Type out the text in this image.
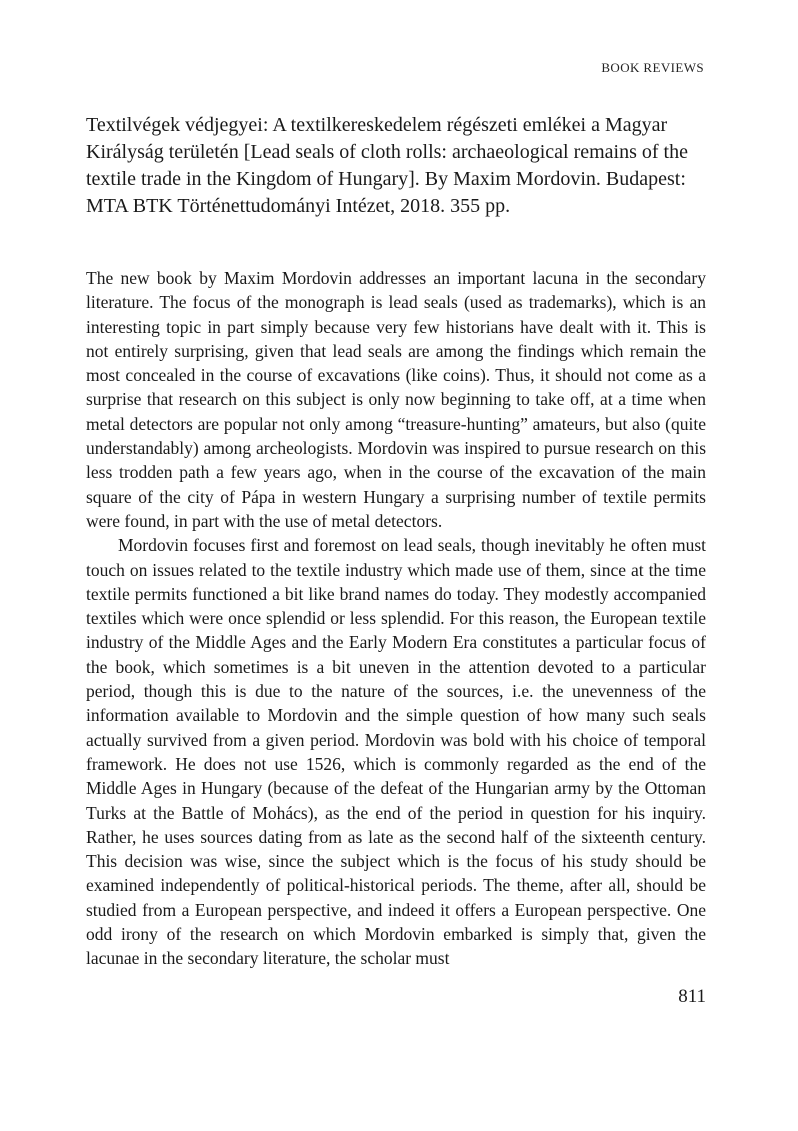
BOOK REVIEWS
Textilvégek védjegyei: A textilkereskedelem régészeti emlékei a Magyar Királyság területén [Lead seals of cloth rolls: archaeological remains of the textile trade in the Kingdom of Hungary]. By Maxim Mordovin. Budapest: MTA BTK Történettudományi Intézet, 2018. 355 pp.

The new book by Maxim Mordovin addresses an important lacuna in the secondary literature. The focus of the monograph is lead seals (used as trademarks), which is an interesting topic in part simply because very few historians have dealt with it. This is not entirely surprising, given that lead seals are among the findings which remain the most concealed in the course of excavations (like coins). Thus, it should not come as a surprise that research on this subject is only now beginning to take off, at a time when metal detectors are popular not only among “treasure-hunting” amateurs, but also (quite understandably) among archeologists. Mordovin was inspired to pursue research on this less trodden path a few years ago, when in the course of the excavation of the main square of the city of Pápa in western Hungary a surprising number of textile permits were found, in part with the use of metal detectors.

Mordovin focuses first and foremost on lead seals, though inevitably he often must touch on issues related to the textile industry which made use of them, since at the time textile permits functioned a bit like brand names do today. They modestly accompanied textiles which were once splendid or less splendid. For this reason, the European textile industry of the Middle Ages and the Early Modern Era constitutes a particular focus of the book, which sometimes is a bit uneven in the attention devoted to a particular period, though this is due to the nature of the sources, i.e. the unevenness of the information available to Mordovin and the simple question of how many such seals actually survived from a given period. Mordovin was bold with his choice of temporal framework. He does not use 1526, which is commonly regarded as the end of the Middle Ages in Hungary (because of the defeat of the Hungarian army by the Ottoman Turks at the Battle of Mohács), as the end of the period in question for his inquiry. Rather, he uses sources dating from as late as the second half of the sixteenth century. This decision was wise, since the subject which is the focus of his study should be examined independently of political-historical periods. The theme, after all, should be studied from a European perspective, and indeed it offers a European perspective. One odd irony of the research on which Mordovin embarked is simply that, given the lacunae in the secondary literature, the scholar must

811
